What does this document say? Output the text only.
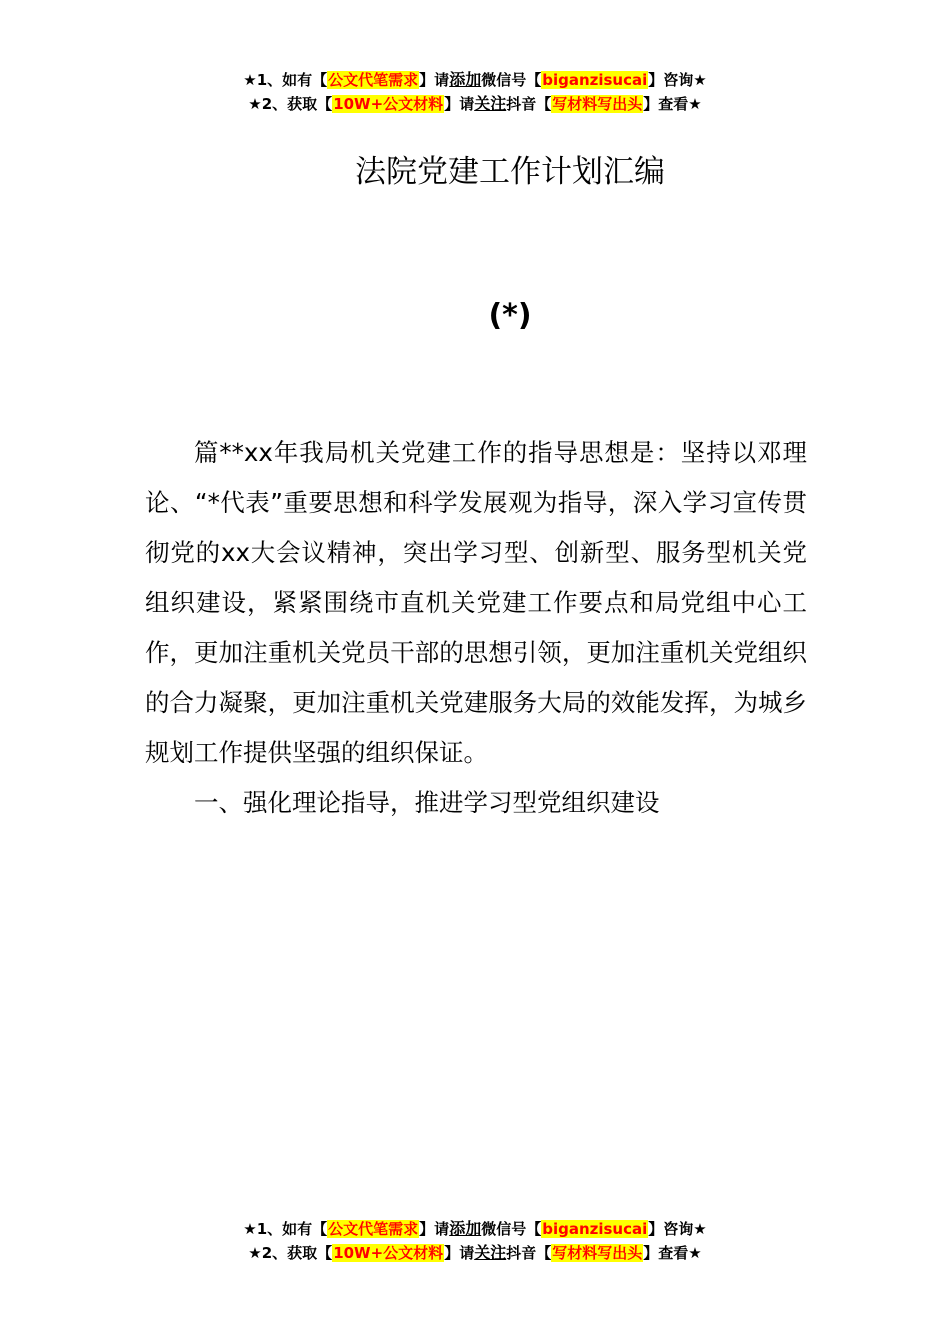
★1、如有【公文代笔需求】请添加微信号【biganzisucai】咨询★
★2、获取【10W+公文材料】请关注抖音【写材料写出头】查看★
法院党建工作计划汇编
(*)

篇**xx年我局机关党建工作的指导思想是：坚持以邓理论、“*代表”重要思想和科学发展观为指导，深入学习宣传贯彻党的xx大会议精神，突出学习型、创新型、服务型机关党组织建设，紧紧围绕市直机关党建工作要点和局党组中心工作，更加注重机关党员干部的思想引领，更加注重机关党组织的合力凝聚，更加注重机关党建服务大局的效能发挥，为城乡规划工作提供坚强的组织保证。

一、强化理论指导，推进学习型党组织建设

★1、如有【公文代笔需求】请添加微信号【biganzisucai】咨询★
★2、获取【10W+公文材料】请关注抖音【写材料写出头】查看★
